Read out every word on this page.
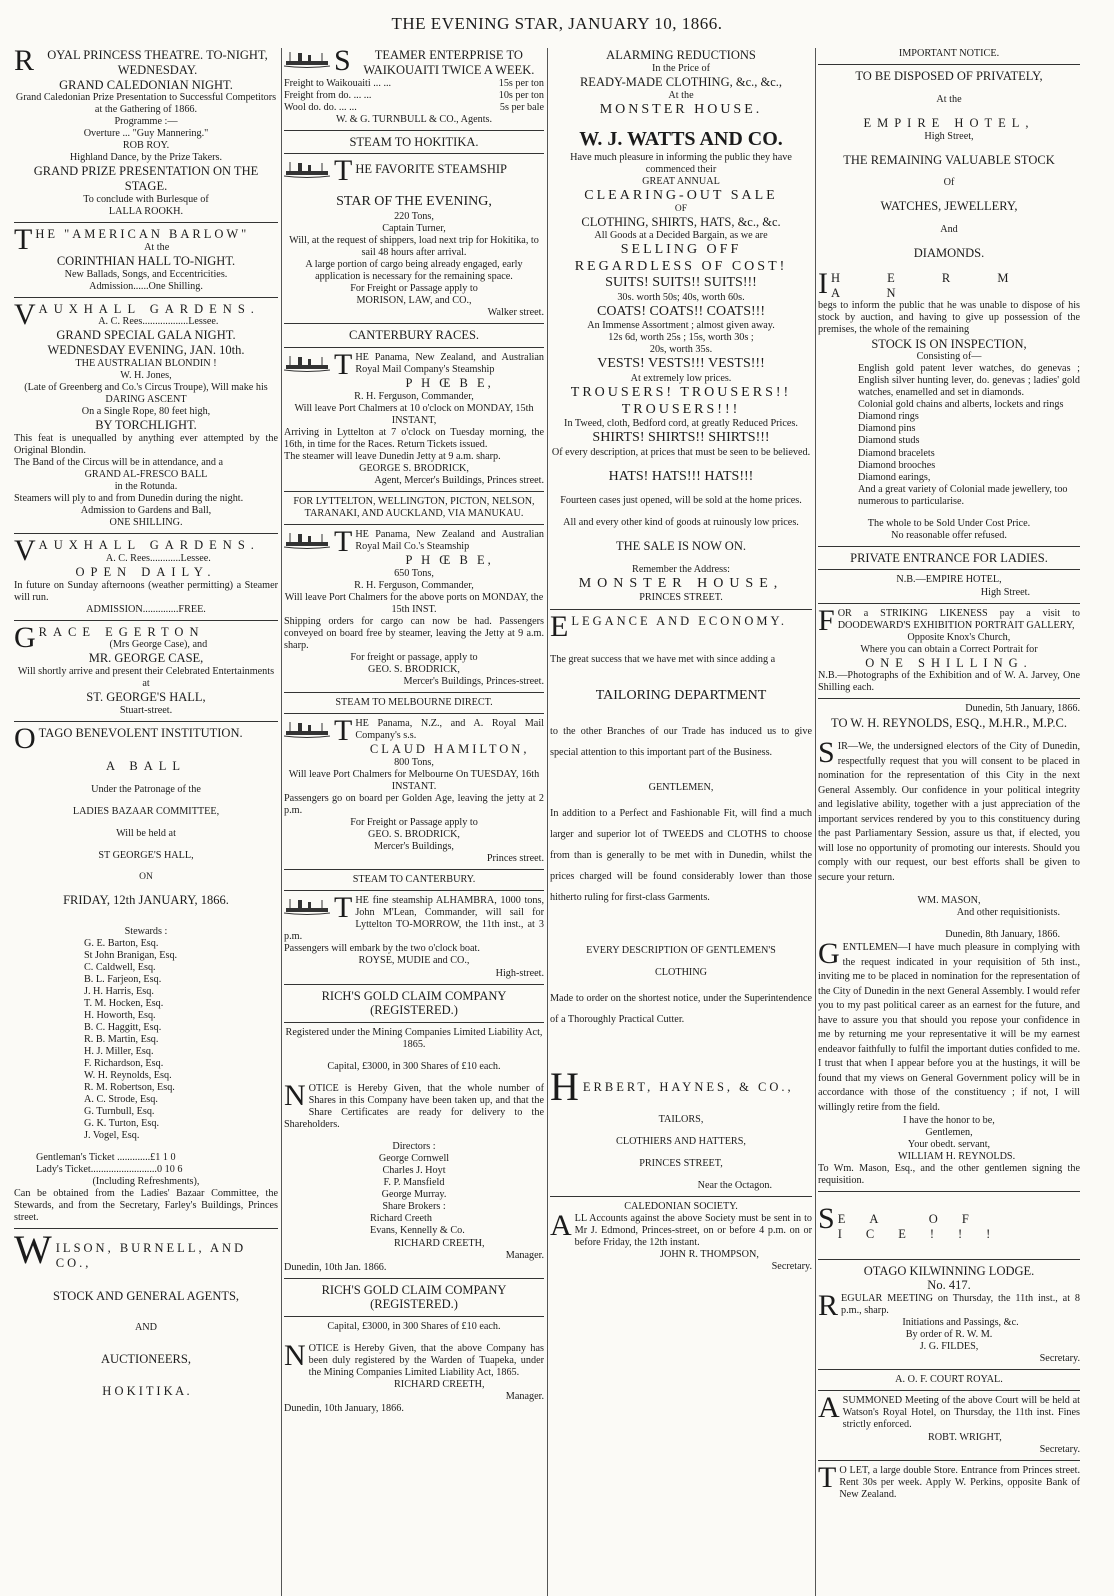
THE EVENING STAR, JANUARY 10, 1866.
R	OYAL PRINCESS THEATRE. TO-NIGHT, WEDNESDAY.
GRAND CALEDONIAN NIGHT.
Grand Caledonian Prize Presentation to Successful Competitors at the Gathering of 1866.
Programme :—
Overture ... "Guy Mannering."
ROB ROY.
Highland Dance, by the Prize Takers.
GRAND PRIZE PRESENTATION ON THE STAGE.
To conclude with Burlesque of
LALLA ROOKH.
T HE "AMERICAN BARLOW"
At the
CORINTHIAN HALL TO-NIGHT.
New Ballads, Songs, and Eccentricities.
Admission......One Shilling.
V AUXHALL GARDENS.
A. C. Rees..................Lessee.
GRAND SPECIAL GALA NIGHT.
WEDNESDAY EVENING, JAN. 10th.
THE AUSTRALIAN BLONDIN !
W. H. Jones,
(Late of Greenberg and Co.'s Circus Troupe), Will make his
DARING ASCENT
On a Single Rope, 80 feet high,
BY TORCHLIGHT.
This feat is unequalled by anything ever attempted by the Original Blondin.
The Band of the Circus will be in attendance, and a
GRAND AL-FRESCO BALL
in the Rotunda.
Steamers will ply to and from Dunedin during the night.
Admission to Gardens and Ball,
ONE SHILLING.
V AUXHALL GARDENS.
A. C. Rees............Lessee.
OPEN DAILY.
In future on Sunday afternoons (weather permitting) a Steamer will run.
ADMISSION..............FREE.
G RACE EGERTON
(Mrs George Case), and
MR. GEORGE CASE,
Will shortly arrive and present their Celebrated Entertainments at
ST. GEORGE'S HALL,
Stuart-street.
O TAGO BENEVOLENT INSTITUTION.
A BALL
Under the Patronage of the
LADIES BAZAAR COMMITTEE,
Will be held at
ST GEORGE'S HALL,
ON
FRIDAY, 12th JANUARY, 1866.
Stewards :
G. E. Barton, Esq.
St John Branigan, Esq.
C. Caldwell, Esq.
B. L. Farjeon, Esq.
J. H. Harris, Esq.
T. M. Hocken, Esq.
H. Howorth, Esq.
B. C. Haggitt, Esq.
R. B. Martin, Esq.
H. J. Miller, Esq.
F. Richardson, Esq.
W. H. Reynolds, Esq.
R. M. Robertson, Esq.
A. C. Strode, Esq.
G. Turnbull, Esq.
G. K. Turton, Esq.
J. Vogel, Esq.
Gentleman's Ticket .............£1 1 0
Lady's Ticket..........................0 10 6
(Including Refreshments),
Can be obtained from the Ladies' Bazaar Committee, the Stewards, and from the Secretary, Farley's Buildings, Princes street.
W ILSON, BURNELL, AND CO.,
STOCK AND GENERAL AGENTS,
AND
AUCTIONEERS,
H O K I T I K A .
S	TEAMER ENTERPRISE TO WAIKOUAITI TWICE A WEEK.
Freight to Waikouaiti ... ...	15s per ton
Freight from do. ... ...	10s per ton
Wool do. do. ... ...	5s per bale
W. & G. TURNBULL & CO., Agents.
STEAM TO HOKITIKA.
T HE FAVORITE STEAMSHIP
STAR OF THE EVENING,
220 Tons,
Captain Turner,
Will, at the request of shippers, load next trip for Hokitika, to sail 48 hours after arrival.
A large portion of cargo being already engaged, early application is necessary for the remaining space.
For Freight or Passage apply to
MORISON, LAW, and CO.,
Walker street.
CANTERBURY RACES.
T HE Panama, New Zealand, and Australian Royal Mail Company's Steamship
P H Œ B E,
R. H. Ferguson, Commander,
Will leave Port Chalmers at 10 o'clock on MONDAY, 15th INSTANT,
Arriving in Lyttelton at 7 o'clock on Tuesday morning, the 16th, in time for the Races. Return Tickets issued.
The steamer will leave Dunedin Jetty at 9 a.m. sharp.
GEORGE S. BRODRICK,
Agent, Mercer's Buildings, Princes street.
FOR LYTTELTON, WELLINGTON, PICTON, NELSON, TARANAKI, AND AUCKLAND, VIA MANUKAU.
T HE Panama, New Zealand and Australian Royal Mail Co.'s Steamship
P H Œ B E,
650 Tons,
R. H. Ferguson, Commander,
Will leave Port Chalmers for the above ports on MONDAY, the 15th INST.
Shipping orders for cargo can now be had. Passengers conveyed on board free by steamer, leaving the Jetty at 9 a.m. sharp.
For freight or passage, apply to
GEO. S. BRODRICK,
Mercer's Buildings, Princes-street.
STEAM TO MELBOURNE DIRECT.
T HE Panama, N.Z., and A. Royal Mail Company's s.s.
CLAUD HAMILTON,
800 Tons,
Will leave Port Chalmers for Melbourne On TUESDAY, 16th INSTANT.
Passengers go on board per Golden Age, leaving the jetty at 2 p.m.
For Freight or Passage apply to
GEO. S. BRODRICK,
Mercer's Buildings,
Princes street.
STEAM TO CANTERBURY.
T HE fine steamship ALHAMBRA, 1000 tons, John M'Lean, Commander, will sail for Lyttelton TO-MORROW, the 11th inst., at 3 p.m.
Passengers will embark by the two o'clock boat.
ROYSE, MUDIE and CO.,
High-street.
RICH'S GOLD CLAIM COMPANY (REGISTERED.)
Registered under the Mining Companies Limited Liability Act, 1865.
Capital, £3000, in 300 Shares of £10 each.
N OTICE is Hereby Given, that the whole number of Shares in this Company have been taken up, and that the Share Certificates are ready for delivery to the Shareholders.
Directors :
George Cornwell
Charles J. Hoyt
F. P. Mansfield
George Murray.
Share Brokers :
Richard Creeth
Evans, Kennelly & Co.
RICHARD CREETH,
Manager.
Dunedin, 10th Jan. 1866.
RICH'S GOLD CLAIM COMPANY (REGISTERED.)
Capital, £3000, in 300 Shares of £10 each.
N OTICE is Hereby Given, that the above Company has been duly registered by the Warden of Tuapeka, under the Mining Companies Limited Liability Act, 1865.
RICHARD CREETH,
Manager.
Dunedin, 10th January, 1866.
ALARMING REDUCTIONS
In the Price of
READY-MADE CLOTHING, &c., &c.,
At the
MONSTER HOUSE.
W. J. WATTS AND CO.
Have much pleasure in informing the public they have commenced their
GREAT ANNUAL
CLEARING-OUT SALE
OF
CLOTHING, SHIRTS, HATS, &c., &c.
All Goods at a Decided Bargain, as we are
SELLING OFF
REGARDLESS OF COST!
SUITS! SUITS!! SUITS!!!
30s. worth 50s; 40s, worth 60s.
COATS! COATS!! COATS!!!
An Immense Assortment ; almost given away.
12s 6d, worth 25s ; 15s, worth 30s ;
20s, worth 35s.
VESTS! VESTS!!! VESTS!!!
At extremely low prices.
TROUSERS! TROUSERS!!
TROUSERS!!!
In Tweed, cloth, Bedford cord, at greatly Reduced Prices.
SHIRTS! SHIRTS!! SHIRTS!!!
Of every description, at prices that must be seen to be believed.
HATS! HATS!!! HATS!!!
Fourteen cases just opened, will be sold at the home prices.
All and every other kind of goods at ruinously low prices.
THE SALE IS NOW ON.
Remember the Address:
MONSTER HOUSE,
PRINCES STREET.
E LEGANCE AND ECONOMY.
The great success that we have met with since adding a
TAILORING DEPARTMENT
to the other Branches of our Trade has induced us to give special attention to this important part of the Business.
GENTLEMEN,
In addition to a Perfect and Fashionable Fit, will find a much larger and superior lot of TWEEDS and CLOTHS to choose from than is generally to be met with in Dunedin, whilst the prices charged will be found considerably lower than those hitherto ruling for first-class Garments.
EVERY DESCRIPTION OF GENTLEMEN'S
CLOTHING
Made to order on the shortest notice, under the Superintendence of a Thoroughly Practical Cutter.
H ERBERT, HAYNES, & CO.,
TAILORS,
CLOTHIERS AND HATTERS,
PRINCES STREET,
Near the Octagon.
CALEDONIAN SOCIETY.
A LL Accounts against the above Society must be sent in to Mr J. Edmond, Princes-street, on or before 4 p.m. on or before Friday, the 12th instant.
JOHN R. THOMPSON,
Secretary.
IMPORTANT NOTICE.
TO BE DISPOSED OF PRIVATELY,
At the
EMPIRE HOTEL,
High Street,
THE REMAINING VALUABLE STOCK
Of
WATCHES, JEWELLERY,
And
DIAMONDS.
I H E R M A N
begs to inform the public that he was unable to dispose of his stock by auction, and having to give up possession of the premises, the whole of the remaining
STOCK IS ON INSPECTION,
Consisting of—
English gold patent lever watches, do genevas ; English silver hunting lever, do. genevas ; ladies' gold watches, enamelled and set in diamonds.
Colonial gold chains and alberts, lockets and rings
Diamond rings
Diamond pins
Diamond studs
Diamond bracelets
Diamond brooches
Diamond earings,
And a great variety of Colonial made jewellery, too numerous to particularise.
The whole to be Sold Under Cost Price.
No reasonable offer refused.
PRIVATE ENTRANCE FOR LADIES.
N.B.—EMPIRE HOTEL,
High Street.
F OR a STRIKING LIKENESS pay a visit to DOODEWARD'S EXHIBITION PORTRAIT GALLERY,
Opposite Knox's Church,
Where you can obtain a Correct Portrait for
ONE SHILLING.
N.B.—Photographs of the Exhibition and of W. A. Jarvey, One Shilling each.
Dunedin, 5th January, 1866.
TO W. H. REYNOLDS, ESQ., M.H.R., M.P.C.
S IR—We, the undersigned electors of the City of Dunedin, respectfully request that you will consent to be placed in nomination for the representation of this City in the next General Assembly. Our confidence in your political integrity and legislative ability, together with a just appreciation of the important services rendered by you to this constituency during the past Parliamentary Session, assure us that, if elected, you will lose no opportunity of promoting our interests. Should you comply with our request, our best efforts shall be given to secure your return.
WM. MASON,
And other requisitionists.
Dunedin, 8th January, 1866.
G ENTLEMEN—I have much pleasure in complying with the request indicated in your requisition of 5th inst., inviting me to be placed in nomination for the representation of the City of Dunedin in the next General Assembly. I would refer you to my past political career as an earnest for the future, and have to assure you that should you repose your confidence in me by returning me your representative it will be my earnest endeavor faithfully to fulfil the important duties confided to me. I trust that when I appear before you at the hustings, it will be found that my views on General Government policy will be in accordance with those of the constituency ; if not, I will willingly retire from the field.
I have the honor to be,
Gentlemen,
Your obedt. servant,
WILLIAM H. REYNOLDS.
To Wm. Mason, Esq., and the other gentlemen signing the requisition.
S EA OF ICE!!!
OTAGO KILWINNING LODGE.
No. 417.
R EGULAR MEETING on Thursday, the 11th inst., at 8 p.m., sharp.
Initiations and Passings, &c.
By order of R. W. M.
J. G. FILDES,
Secretary.
A. O. F. COURT ROYAL.
A SUMMONED Meeting of the above Court will be held at Watson's Royal Hotel, on Thursday, the 11th inst. Fines strictly enforced.
ROBT. WRIGHT,
Secretary.
T O LET, a large double Store. Entrance from Princes street. Rent 30s per week. Apply W. Perkins, opposite Bank of New Zealand.
